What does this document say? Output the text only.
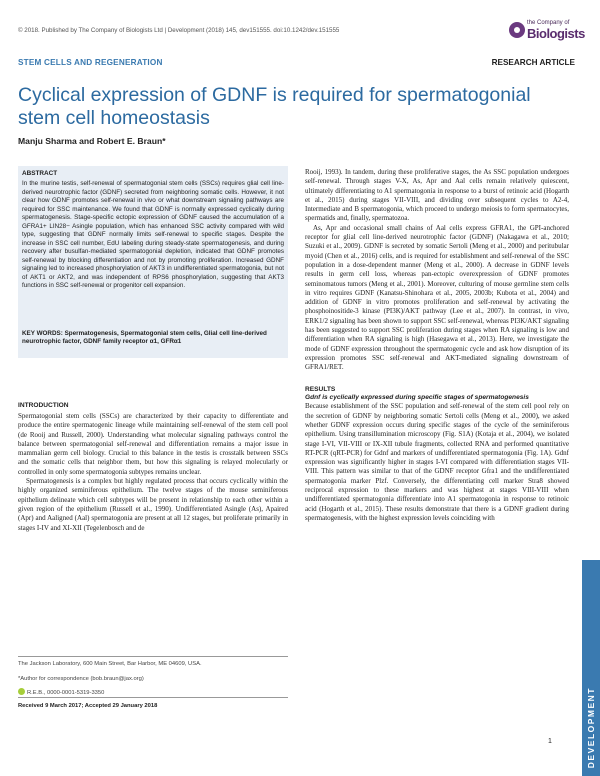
© 2018. Published by The Company of Biologists Ltd | Development (2018) 145, dev151555. doi:10.1242/dev.151555
the Company of
Biologists
STEM CELLS AND REGENERATION	RESEARCH ARTICLE
Cyclical expression of GDNF is required for spermatogonial stem cell homeostasis
Manju Sharma and Robert E. Braun*
ABSTRACT
In the murine testis, self-renewal of spermatogonial stem cells (SSCs) requires glial cell line-derived neurotrophic factor (GDNF) secreted from neighboring somatic cells. However, it not clear how GDNF promotes self-renewal in vivo or what downstream signaling pathways are required for SSC maintenance. We found that GDNF is normally expressed cyclically during spermatogenesis. Stage-specific ectopic expression of GDNF caused the accumulation of a GFRA1+ LIN28− Asingle population, which has enhanced SSC activity compared with wild type, suggesting that GDNF normally limits self-renewal to specific stages. Despite the increase in SSC cell number, EdU labeling during steady-state spermatogenesis, and during recovery after busulfan-mediated spermatogonial depletion, indicated that GDNF promotes self-renewal by blocking differentiation and not by promoting proliferation. Increased GDNF signaling led to increased phosphorylation of AKT3 in undifferentiated spermatogonia, but not of AKT1 or AKT2, and was independent of RPS6 phosphorylation, suggesting that AKT3 functions in SSC self-renewal or progenitor cell expansion.
KEY WORDS: Spermatogenesis, Spermatogonial stem cells, Glial cell line-derived neurotrophic factor, GDNF family receptor α1, GFRα1
INTRODUCTION

Spermatogonial stem cells (SSCs) are characterized by their capacity to differentiate and produce the entire spermatogenic lineage while maintaining self-renewal of the stem cell pool (de Rooij and Russell, 2000). Understanding what molecular signaling pathways control the balance between spermatogonial self-renewal and differentiation remains a major issue in mammalian germ cell biology. Crucial to this balance in the testis is crosstalk between SSCs and the somatic cells that neighbor them, but how this signaling is relayed molecularly or controlled in only some spermatogonia subtypes remains unclear.

Spermatogenesis is a complex but highly regulated process that occurs cyclically within the highly organized seminiferous epithelium. The twelve stages of the mouse seminiferous epithelium delineate which cell subtypes will be present in relationship to each other within a given region of the epithelium (Russell et al., 1990). Undifferentiated Asingle (As), Apaired (Apr) and Aaligned (Aal) spermatogonia are present at all 12 stages, but proliferate primarily in stages I-IV and XI-XII (Tegelenbosch and de

The Jackson Laboratory, 600 Main Street, Bar Harbor, ME 04609, USA.
*Author for correspondence (bob.braun@jax.org)
R.E.B., 0000-0001-5319-3350
Received 9 March 2017; Accepted 29 January 2018

Rooij, 1993). In tandem, during these proliferative stages, the As SSC population undergoes self-renewal. Through stages V-X, As, Apr and Aal cells remain relatively quiescent, ultimately differentiating to A1 spermatogonia in response to a burst of retinoic acid (Hogarth et al., 2015) during stages VII-VIII, and dividing over subsequent cycles to A2-4, Intermediate and B spermatogonia, which proceed to undergo meiosis to form spermatocytes, spermatids and, finally, spermatozoa.

As, Apr and occasional small chains of Aal cells express GFRA1, the GPI-anchored receptor for glial cell line-derived neurotrophic factor (GDNF) (Nakagawa et al., 2010; Suzuki et al., 2009). GDNF is secreted by somatic Sertoli (Meng et al., 2000) and peritubular myoid (Chen et al., 2016) cells, and is required for establishment and self-renewal of the SSC population in a dose-dependent manner (Meng et al., 2000). A decrease in GDNF levels results in germ cell loss, whereas pan-ectopic overexpression of GDNF promotes seminomatous tumors (Meng et al., 2001). Moreover, culturing of mouse germline stem cells in vitro requires GDNF (Kanatsu-Shinohara et al., 2005, 2003b; Kubota et al., 2004) and addition of GDNF in vitro promotes proliferation and self-renewal by activating the phosphoinositide-3 kinase (PI3K)/AKT pathway (Lee et al., 2007). In contrast, in vivo, ERK1/2 signaling has been shown to support SSC self-renewal, whereas PI3K/AKT signaling has been suggested to support SSC proliferation during stages when RA signaling is low and differentiation when RA signaling is high (Hasegawa et al., 2013). Here, we investigate the mode of GDNF expression throughout the spermatogenic cycle and ask how disruption of its expression promotes SSC self-renewal and AKT-mediated signaling downstream of GFRA1/RET.

RESULTS
Gdnf is cyclically expressed during specific stages of spermatogenesis

Because establishment of the SSC population and self-renewal of the stem cell pool rely on the secretion of GDNF by neighboring somatic Sertoli cells (Meng et al., 2000), we asked whether GDNF expression occurs during specific stages of the cycle of the seminiferous epithelium. Using transillumination microscopy (Fig. S1A) (Kotaja et al., 2004), we isolated stage I-VI, VII-VIII or IX-XII tubule fragments, collected RNA and performed quantitative RT-PCR (qRT-PCR) for Gdnf and markers of undifferentiated spermatogonia (Fig. 1A). Gdnf expression was significantly higher in stages I-VI compared with differentiation stages VII-VIII. This pattern was similar to that of the GDNF receptor Gfra1 and the undifferentiated spermatogonia marker Plzf. Conversely, the differentiating cell marker Stra8 showed reciprocal expression to these markers and was highest at stages VIII-VIII when undifferentiated spermatogonia differentiate into A1 spermatogonia in response to retinoic acid (Hogarth et al., 2015). These results demonstrate that there is a GDNF gradient during spermatogenesis, with the highest expression levels coinciding with

DEVELOPMENT
1
